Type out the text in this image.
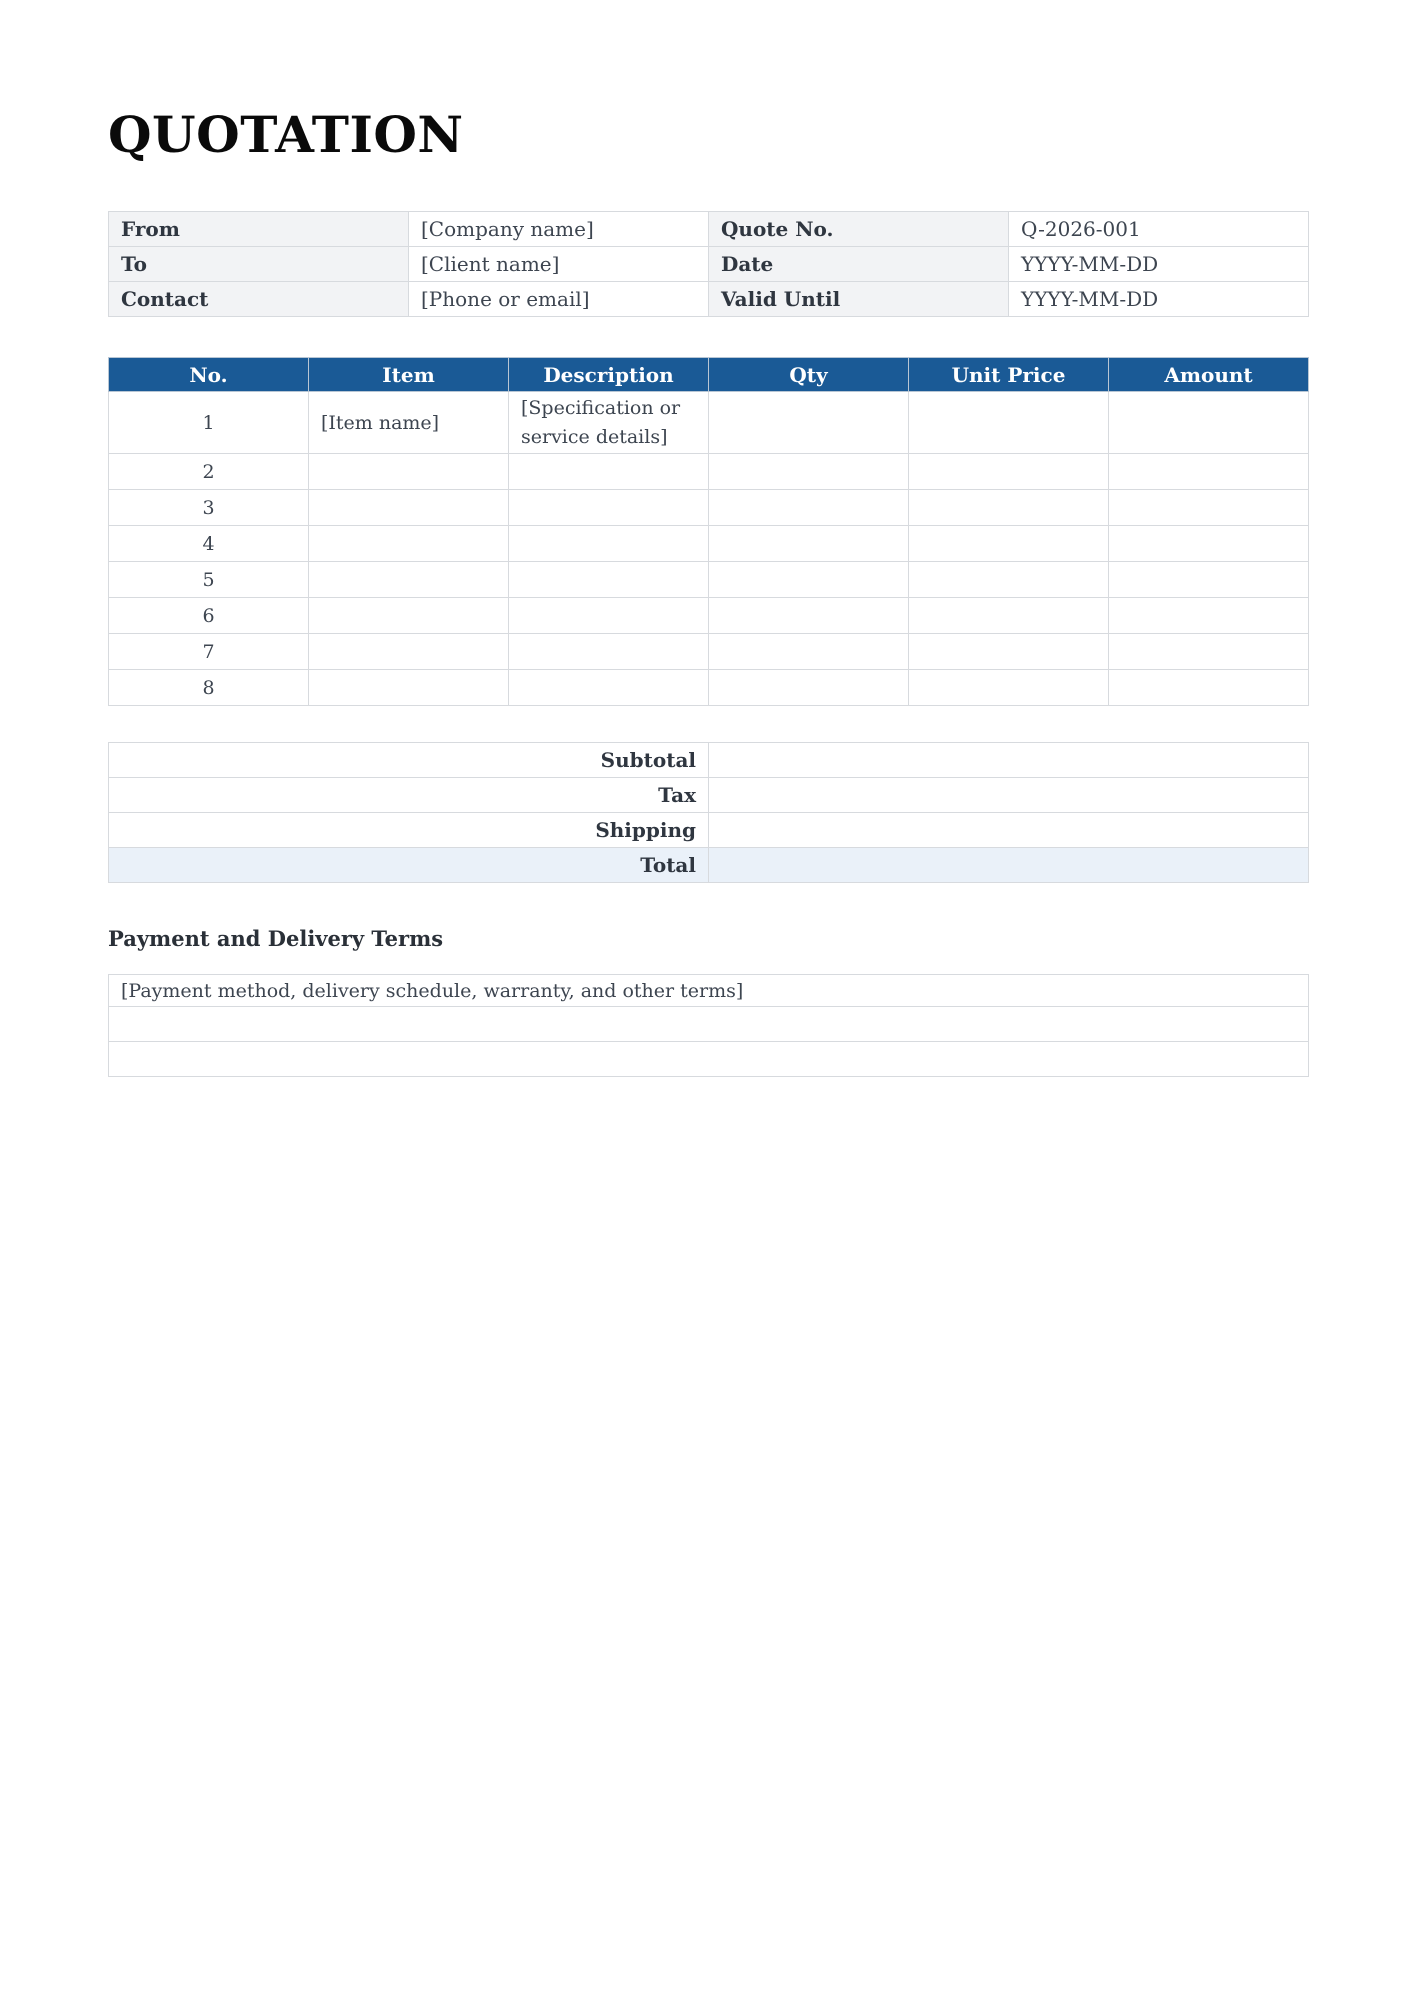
QUOTATION
From	[Company name]	Quote No.	Q-2026-001
To	[Client name]	Date	YYYY-MM-DD
Contact	[Phone or email]	Valid Until	YYYY-MM-DD
No.	Item	Description	Qty	Unit Price	Amount
1	[Item name]	[Specification or service details]			
2					
3					
4					
5					
6					
7					
8					
Subtotal	
Tax	
Shipping	
Total	
Payment and Delivery Terms
[Payment method, delivery schedule, warranty, and other terms]
